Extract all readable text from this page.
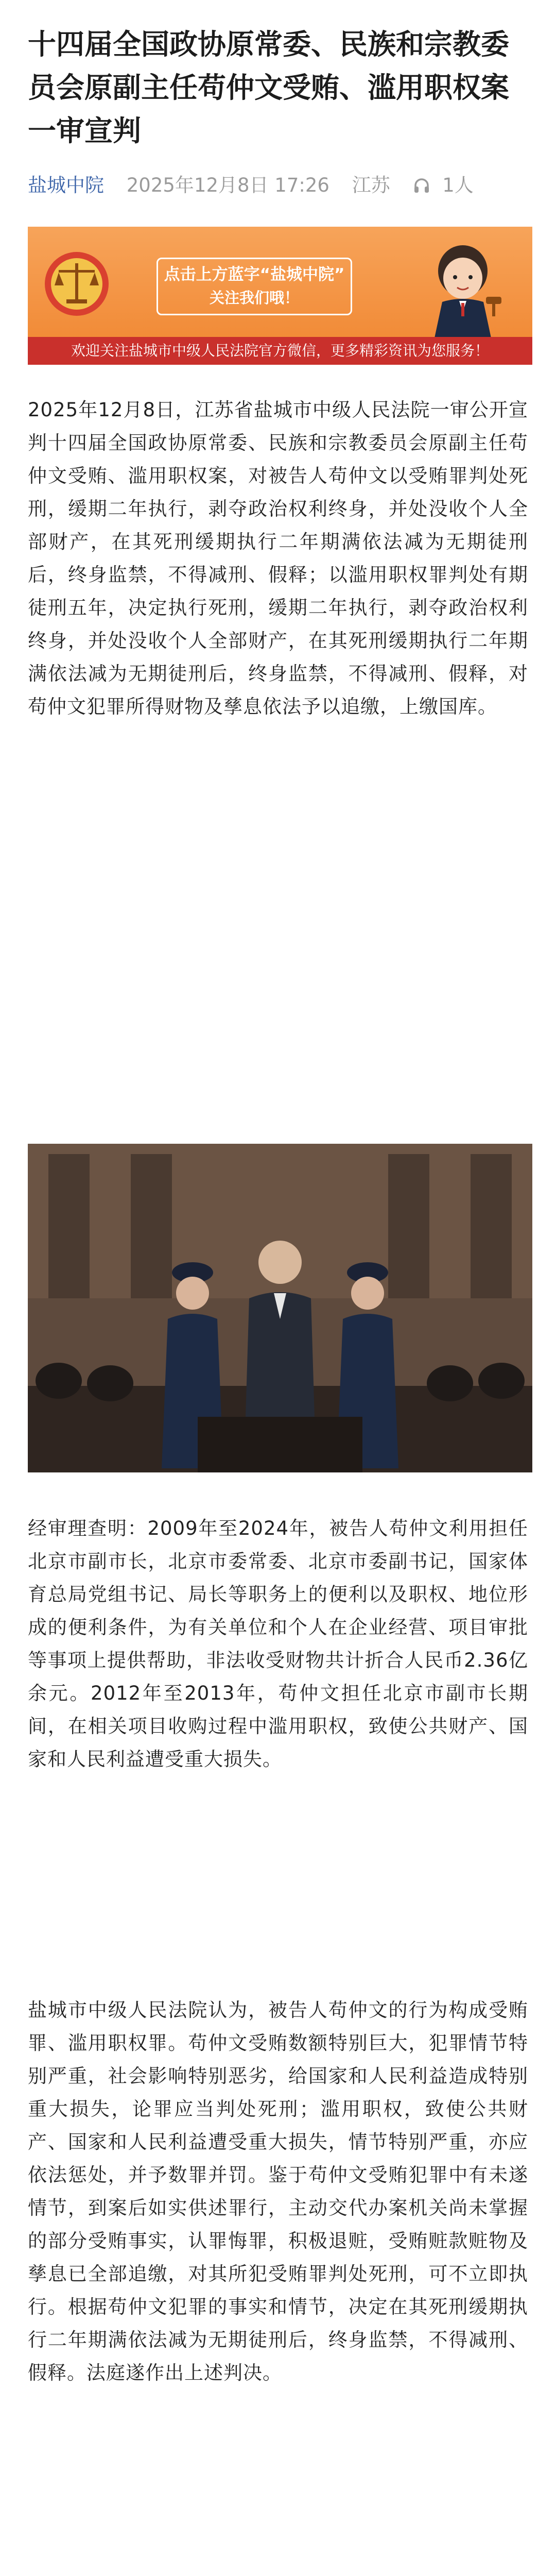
十四届全国政协原常委、民族和宗教委员会原副主任苟仲文受贿、滥用职权案一审宣判
盐城中院 2025年12月8日 17:26 江苏	1人
点击上方蓝字“盐城中院”
关注我们哦！
欢迎关注盐城市中级人民法院官方微信，更多精彩资讯为您服务！

2025年12月8日，江苏省盐城市中级人民法院一审公开宣判十四届全国政协原常委、民族和宗教委员会原副主任苟仲文受贿、滥用职权案，对被告人苟仲文以受贿罪判处死刑，缓期二年执行，剥夺政治权利终身，并处没收个人全部财产，在其死刑缓期执行二年期满依法减为无期徒刑后，终身监禁，不得减刑、假释；以滥用职权罪判处有期徒刑五年，决定执行死刑，缓期二年执行，剥夺政治权利终身，并处没收个人全部财产，在其死刑缓期执行二年期满依法减为无期徒刑后，终身监禁，不得减刑、假释，对苟仲文犯罪所得财物及孳息依法予以追缴，上缴国库。

经审理查明：2009年至2024年，被告人苟仲文利用担任北京市副市长，北京市委常委、北京市委副书记，国家体育总局党组书记、局长等职务上的便利以及职权、地位形成的便利条件，为有关单位和个人在企业经营、项目审批等事项上提供帮助，非法收受财物共计折合人民币2.36亿余元。2012年至2013年，苟仲文担任北京市副市长期间，在相关项目收购过程中滥用职权，致使公共财产、国家和人民利益遭受重大损失。

盐城市中级人民法院认为，被告人苟仲文的行为构成受贿罪、滥用职权罪。苟仲文受贿数额特别巨大，犯罪情节特别严重，社会影响特别恶劣，给国家和人民利益造成特别重大损失，论罪应当判处死刑；滥用职权，致使公共财产、国家和人民利益遭受重大损失，情节特别严重，亦应依法惩处，并予数罪并罚。鉴于苟仲文受贿犯罪中有未遂情节，到案后如实供述罪行，主动交代办案机关尚未掌握的部分受贿事实，认罪悔罪，积极退赃，受贿赃款赃物及孳息已全部追缴，对其所犯受贿罪判处死刑，可不立即执行。根据苟仲文犯罪的事实和情节，决定在其死刑缓期执行二年期满依法减为无期徒刑后，终身监禁，不得减刑、假释。法庭遂作出上述判决。
